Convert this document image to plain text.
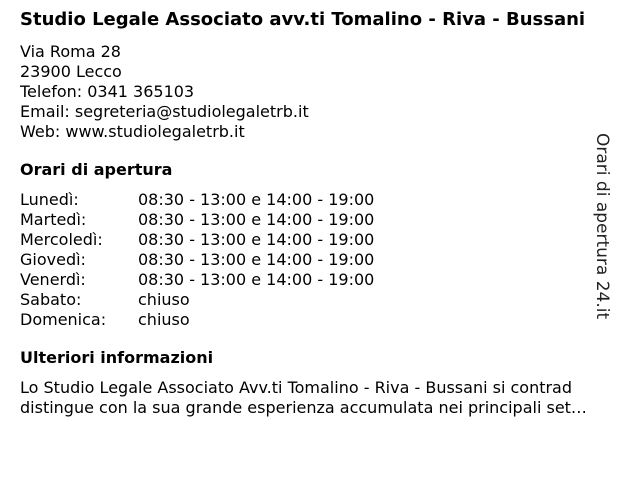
Studio Legale Associato avv.ti Tomalino - Riva - Bussani
Via Roma 28
23900 Lecco
Telefon: 0341 365103
Email: segreteria@studiolegaletrb.it
Web: www.studiolegaletrb.it
Orari di apertura
Lunedì:	08:30 - 13:00 e 14:00 - 19:00
Martedì:	08:30 - 13:00 e 14:00 - 19:00
Mercoledì:	08:30 - 13:00 e 14:00 - 19:00
Giovedì:	08:30 - 13:00 e 14:00 - 19:00
Venerdì:	08:30 - 13:00 e 14:00 - 19:00
Sabato:	chiuso
Domenica:	chiuso
Ulteriori informazioni
Lo Studio Legale Associato Avv.ti Tomalino - Riva - Bussani si contrad
distingue con la sua grande esperienza accumulata nei principali set…
Orari di apertura 24.it
